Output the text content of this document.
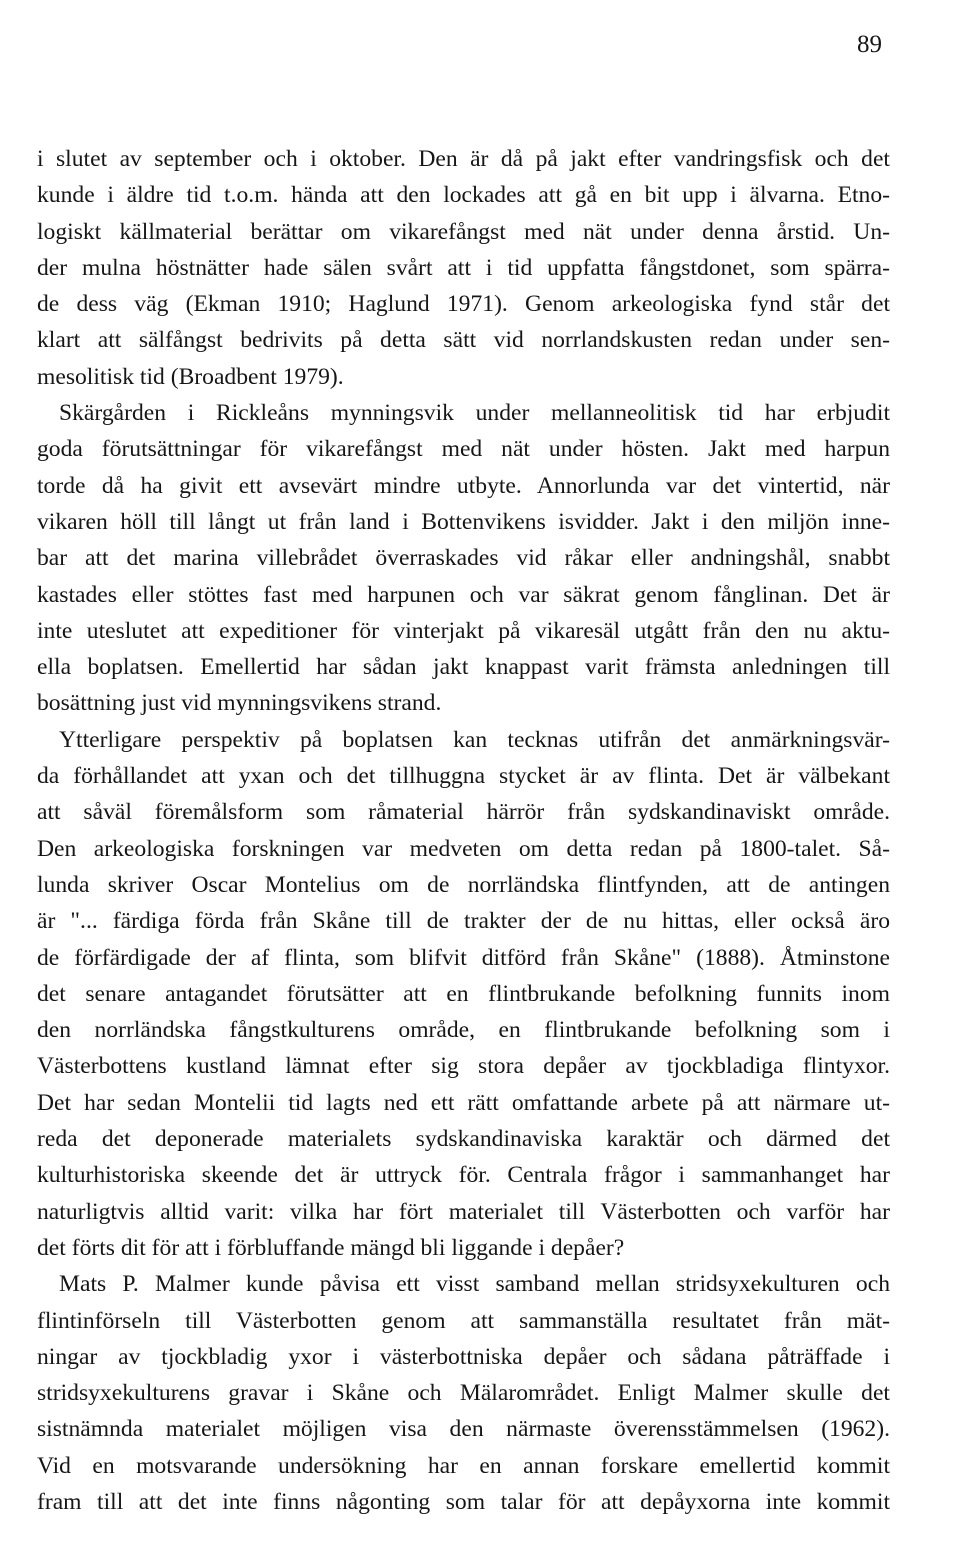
89
i slutet av september och i oktober. Den är då på jakt efter vandringsfisk och det
kunde i äldre tid t.o.m. hända att den lockades att gå en bit upp i älvarna. Etno-
logiskt källmaterial berättar om vikarefångst med nät under denna årstid. Un-
der mulna höstnätter hade sälen svårt att i tid uppfatta fångstdonet, som spärra-
de dess väg (Ekman 1910; Haglund 1971). Genom arkeologiska fynd står det
klart att sälfångst bedrivits på detta sätt vid norrlandskusten redan under sen-
mesolitisk tid (Broadbent 1979).
Skärgården i Rickleåns mynningsvik under mellanneolitisk tid har erbjudit
goda förutsättningar för vikarefångst med nät under hösten. Jakt med harpun
torde då ha givit ett avsevärt mindre utbyte. Annorlunda var det vintertid, när
vikaren höll till långt ut från land i Bottenvikens isvidder. Jakt i den miljön inne-
bar att det marina villebrådet överraskades vid råkar eller andningshål, snabbt
kastades eller stöttes fast med harpunen och var säkrat genom fånglinan. Det är
inte uteslutet att expeditioner för vinterjakt på vikaresäl utgått från den nu aktu-
ella boplatsen. Emellertid har sådan jakt knappast varit främsta anledningen till
bosättning just vid mynningsvikens strand.
Ytterligare perspektiv på boplatsen kan tecknas utifrån det anmärkningsvär-
da förhållandet att yxan och det tillhuggna stycket är av flinta. Det är välbekant
att såväl föremålsform som råmaterial härrör från sydskandinaviskt område.
Den arkeologiska forskningen var medveten om detta redan på 1800-talet. Så-
lunda skriver Oscar Montelius om de norrländska flintfynden, att de antingen
är "... färdiga förda från Skåne till de trakter der de nu hittas, eller också äro
de förfärdigade der af flinta, som blifvit ditförd från Skåne" (1888). Åtminstone
det senare antagandet förutsätter att en flintbrukande befolkning funnits inom
den norrländska fångstkulturens område, en flintbrukande befolkning som i
Västerbottens kustland lämnat efter sig stora depåer av tjockbladiga flintyxor.
Det har sedan Montelii tid lagts ned ett rätt omfattande arbete på att närmare ut-
reda det deponerade materialets sydskandinaviska karaktär och därmed det
kulturhistoriska skeende det är uttryck för. Centrala frågor i sammanhanget har
naturligtvis alltid varit: vilka har fört materialet till Västerbotten och varför har
det förts dit för att i förbluffande mängd bli liggande i depåer?
Mats P. Malmer kunde påvisa ett visst samband mellan stridsyxekulturen och
flintinförseln till Västerbotten genom att sammanställa resultatet från mät-
ningar av tjockbladig yxor i västerbottniska depåer och sådana påträffade i
stridsyxekulturens gravar i Skåne och Mälarområdet. Enligt Malmer skulle det
sistnämnda materialet möjligen visa den närmaste överensstämmelsen (1962).
Vid en motsvarande undersökning har en annan forskare emellertid kommit
fram till att det inte finns någonting som talar för att depåyxorna inte kommit
